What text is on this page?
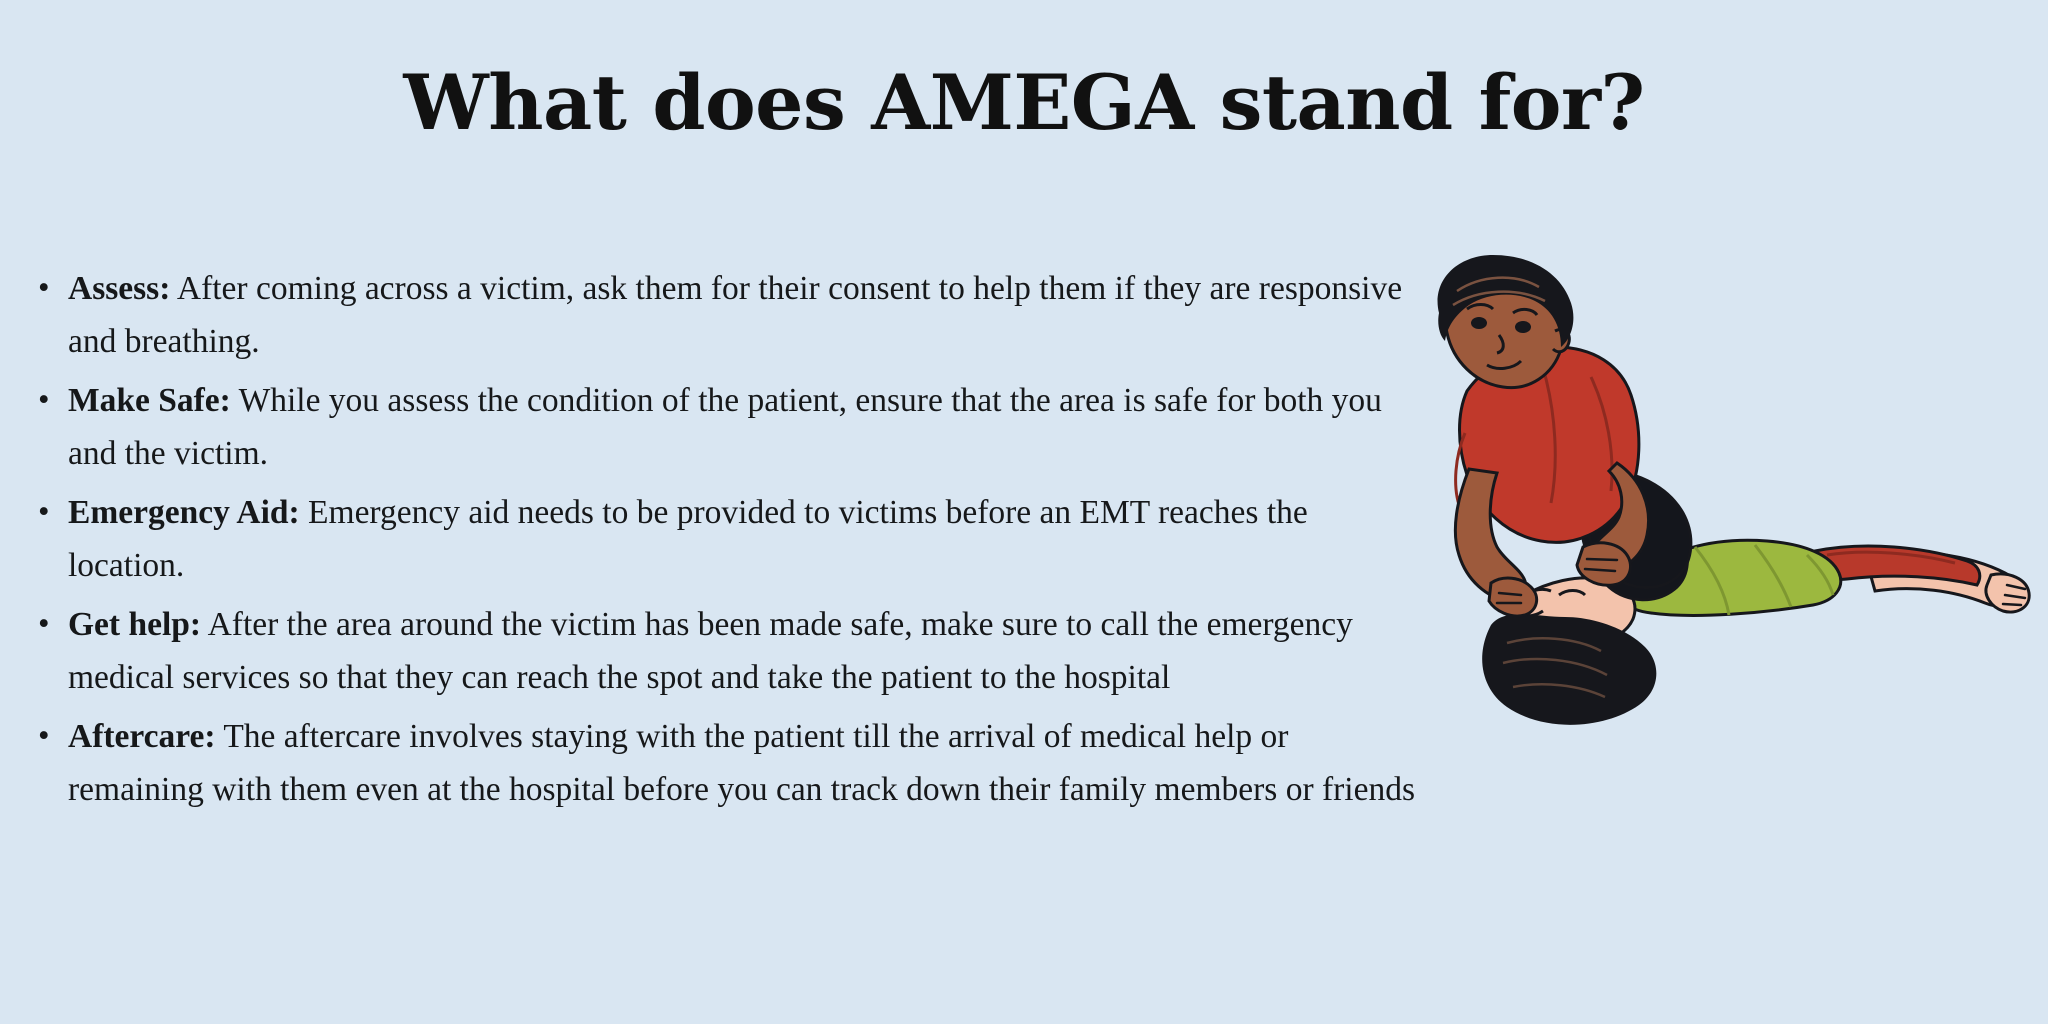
What does AMEGA stand for?
• Assess: After coming across a victim, ask them for their consent to help them if they are responsive and breathing.
• Make Safe: While you assess the condition of the patient, ensure that the area is safe for both you and the victim.
• Emergency Aid: Emergency aid needs to be provided to victims before an EMT reaches the location.
• Get help: After the area around the victim has been made safe, make sure to call the emergency medical services so that they can reach the spot and take the patient to the hospital
• Aftercare: The aftercare involves staying with the patient till the arrival of medical help or remaining with them even at the hospital before you can track down their family members or friends
